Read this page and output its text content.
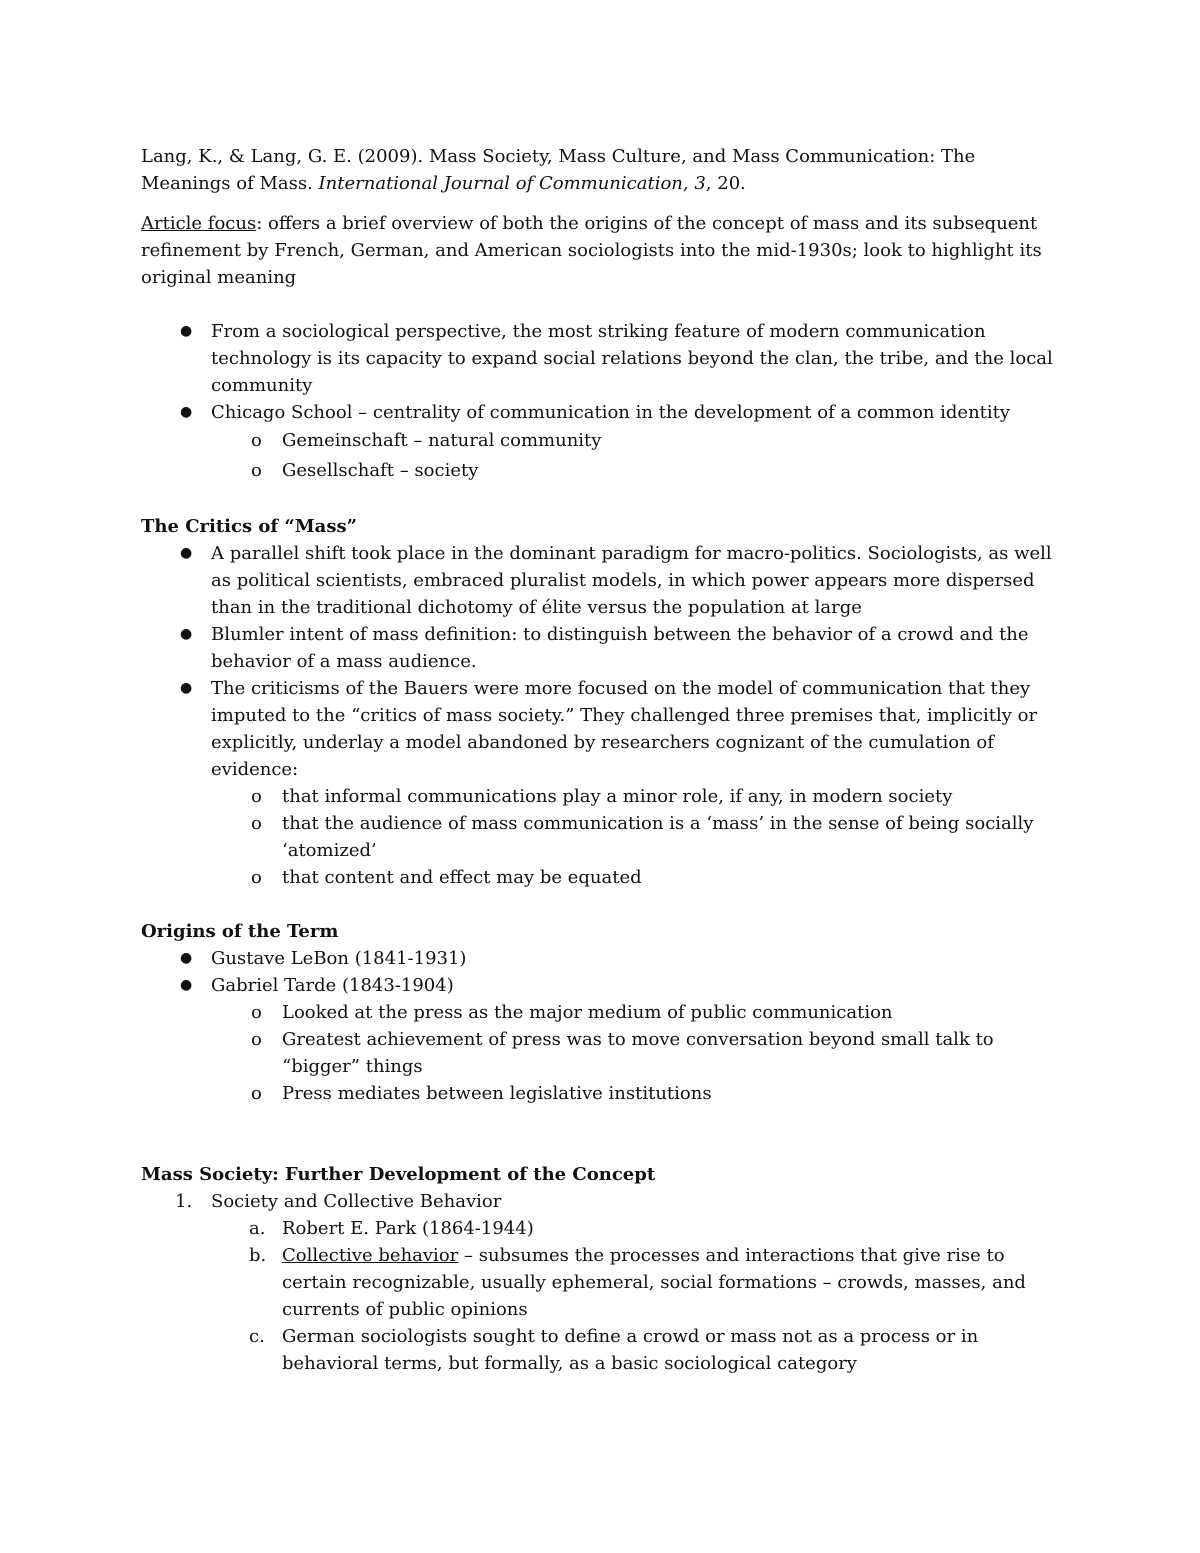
Lang, K., & Lang, G. E. (2009). Mass Society, Mass Culture, and Mass Communication: The Meanings of Mass. International Journal of Communication, 3, 20.

Article focus: offers a brief overview of both the origins of the concept of mass and its subsequent refinement by French, German, and American sociologists into the mid-1930s; look to highlight its original meaning

● From a sociological perspective, the most striking feature of modern communication technology is its capacity to expand social relations beyond the clan, the tribe, and the local community
● Chicago School – centrality of communication in the development of a common identity
o Gemeinschaft – natural community
o Gesellschaft – society

The Critics of “Mass”

● A parallel shift took place in the dominant paradigm for macro-politics. Sociologists, as well as political scientists, embraced pluralist models, in which power appears more dispersed than in the traditional dichotomy of élite versus the population at large
● Blumler intent of mass definition: to distinguish between the behavior of a crowd and the behavior of a mass audience.
● The criticisms of the Bauers were more focused on the model of communication that they imputed to the “critics of mass society.” They challenged three premises that, implicitly or explicitly, underlay a model abandoned by researchers cognizant of the cumulation of evidence:
o that informal communications play a minor role, if any, in modern society
o that the audience of mass communication is a ‘mass’ in the sense of being socially ‘atomized’
o that content and effect may be equated

Origins of the Term

● Gustave LeBon (1841-1931)
● Gabriel Tarde (1843-1904)
o Looked at the press as the major medium of public communication
o Greatest achievement of press was to move conversation beyond small talk to “bigger” things
o Press mediates between legislative institutions

Mass Society: Further Development of the Concept

1. Society and Collective Behavior
a. Robert E. Park (1864-1944)
b. Collective behavior – subsumes the processes and interactions that give rise to certain recognizable, usually ephemeral, social formations – crowds, masses, and currents of public opinions
c. German sociologists sought to define a crowd or mass not as a process or in behavioral terms, but formally, as a basic sociological category
